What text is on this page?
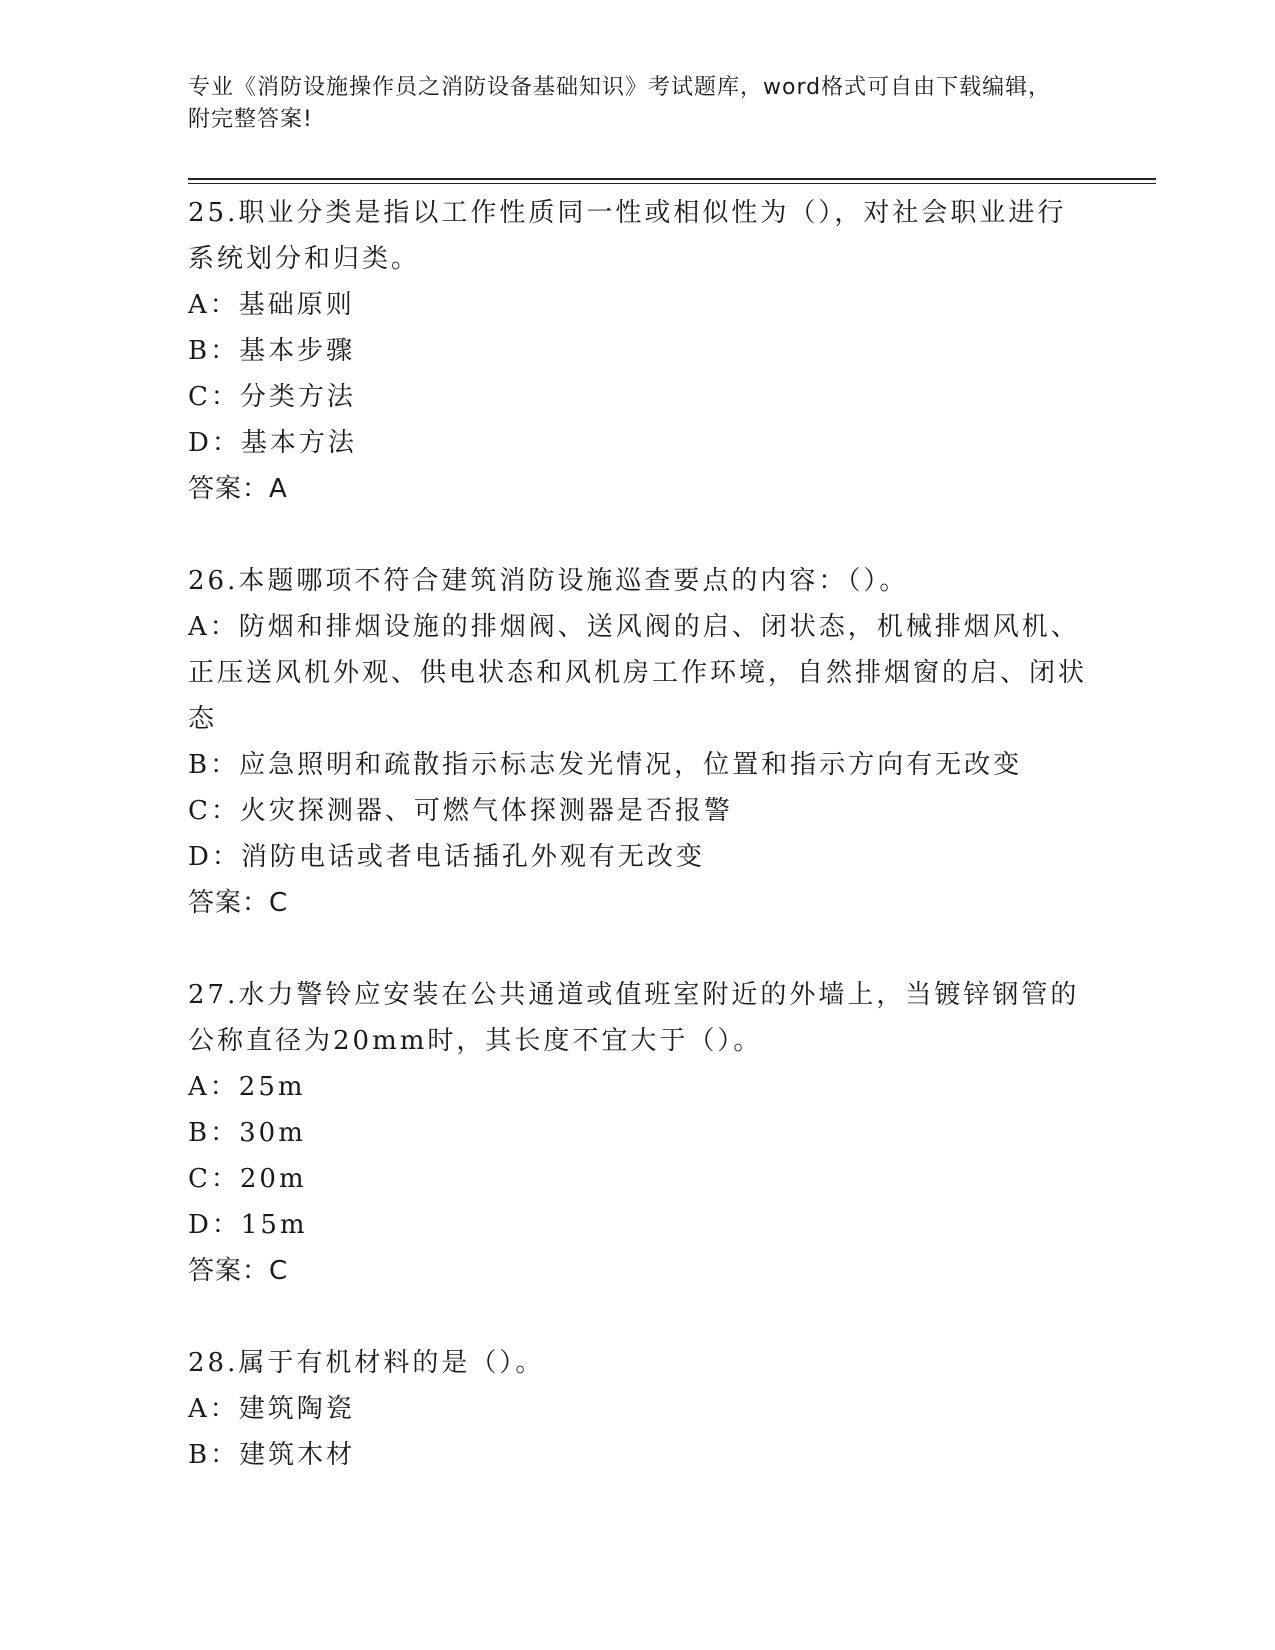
专业《消防设施操作员之消防设备基础知识》考试题库，word格式可自由下载编辑，附完整答案!

25.职业分类是指以工作性质同一性或相似性为（），对社会职业进行系统划分和归类。

A：基础原则

B：基本步骤

C：分类方法

D：基本方法

答案：A

26.本题哪项不符合建筑消防设施巡查要点的内容：（）。

A：防烟和排烟设施的排烟阀、送风阀的启、闭状态，机械排烟风机、正压送风机外观、供电状态和风机房工作环境，自然排烟窗的启、闭状态

B：应急照明和疏散指示标志发光情况，位置和指示方向有无改变

C：火灾探测器、可燃气体探测器是否报警

D：消防电话或者电话插孔外观有无改变

答案：C

27.水力警铃应安装在公共通道或值班室附近的外墙上，当镀锌钢管的公称直径为20mm时，其长度不宜大于（）。

A：25m

B：30m

C：20m

D：15m

答案：C

28.属于有机材料的是（）。

A：建筑陶瓷

B：建筑木材
